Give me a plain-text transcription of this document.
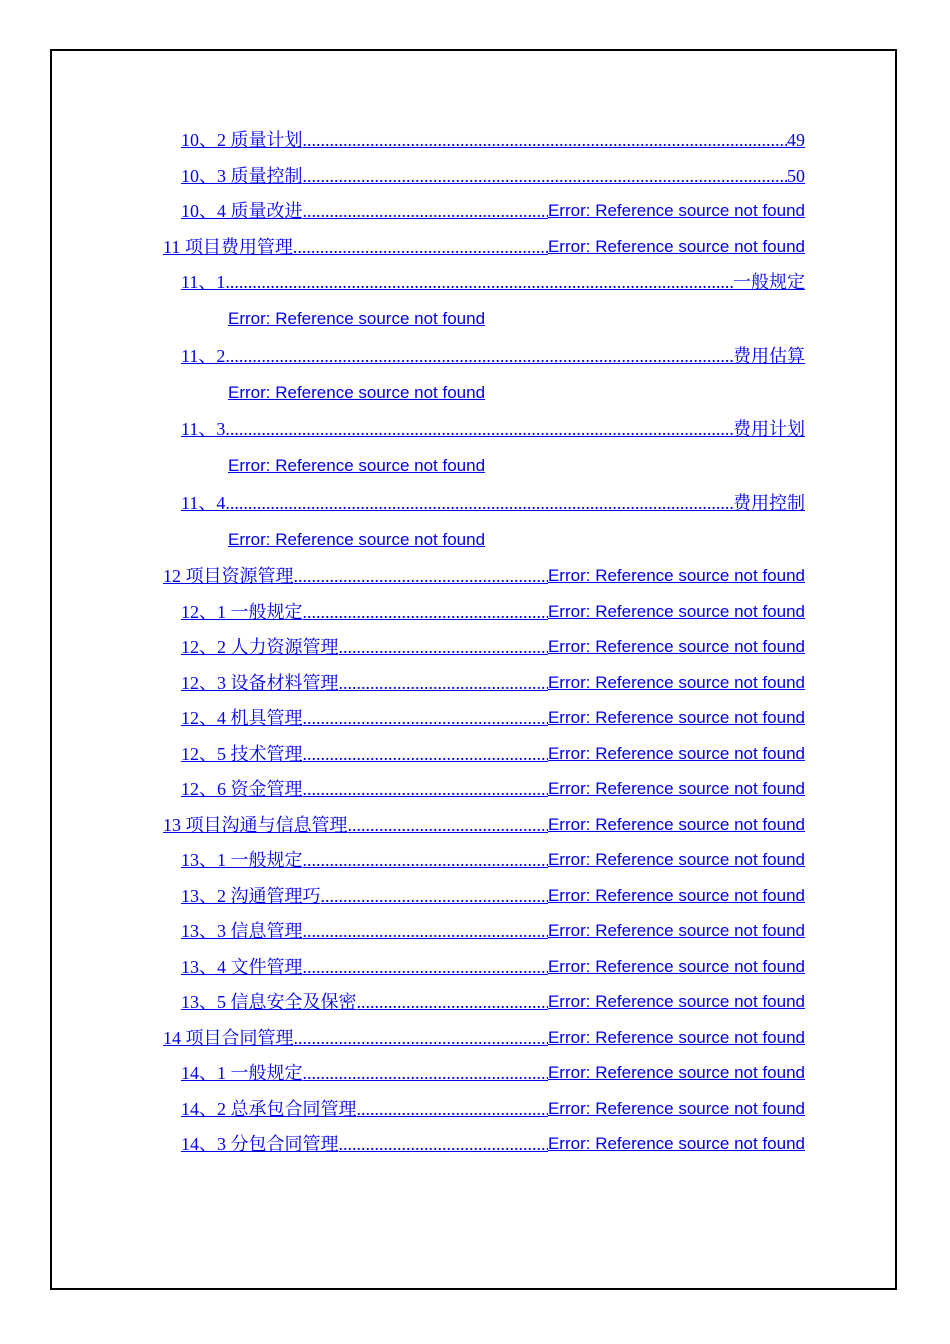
10、2 质量计划 .....	49
10、3 质量控制 .....	50
10、4 质量改进 .....	Error: Reference source not found
11 项目费用管理 .....	Error: Reference source not found
11、1 .....	一般规定
Error: Reference source not found
11、2 .....	费用估算
Error: Reference source not found
11、3 .....	费用计划
Error: Reference source not found
11、4 .....	费用控制
Error: Reference source not found
12 项目资源管理 .....	Error: Reference source not found
12、1 一般规定 .....	Error: Reference source not found
12、2 人力资源管理 .....	Error: Reference source not found
12、3 设备材料管理 .....	Error: Reference source not found
12、4 机具管理 .....	Error: Reference source not found
12、5 技术管理 .....	Error: Reference source not found
12、6 资金管理 .....	Error: Reference source not found
13 项目沟通与信息管理 .....	Error: Reference source not found
13、1 一般规定 .....	Error: Reference source not found
13、2 沟通管理巧 .....	Error: Reference source not found
13、3 信息管理 .....	Error: Reference source not found
13、4 文件管理 .....	Error: Reference source not found
13、5 信息安全及保密 .....	Error: Reference source not found
14 项目合同管理 .....	Error: Reference source not found
14、1 一般规定 .....	Error: Reference source not found
14、2 总承包合同管理 .....	Error: Reference source not found
14、3 分包合同管理 .....	Error: Reference source not found
